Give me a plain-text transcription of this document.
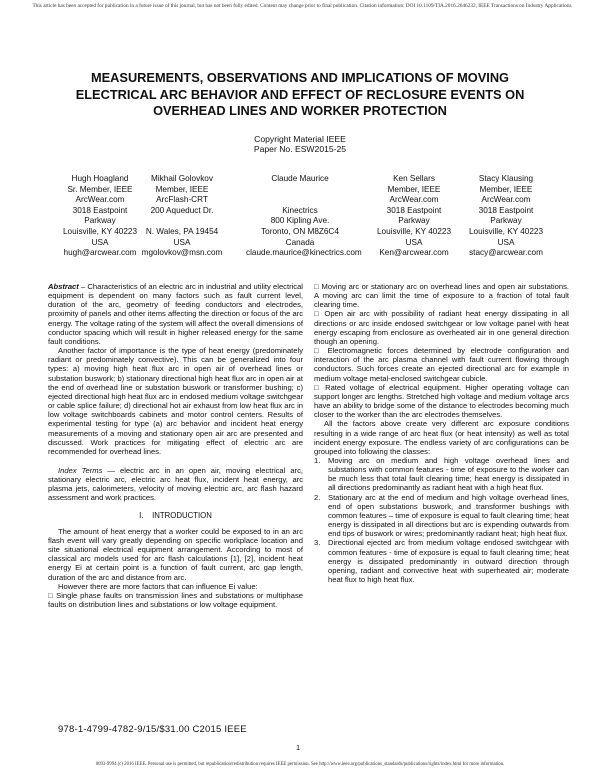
This article has been accepted for publication in a future issue of this journal, but has not been fully edited. Content may change prior to final publication. Citation information: DOI 10.1109/TIA.2016.2646232, IEEE Transactions on Industry Applications
MEASUREMENTS, OBSERVATIONS AND IMPLICATIONS OF MOVING ELECTRICAL ARC BEHAVIOR AND EFFECT OF RECLOSURE EVENTS ON OVERHEAD LINES AND WORKER PROTECTION
Copyright Material IEEE
Paper No. ESW2015-25
Hugh Hoagland
Sr. Member, IEEE
ArcWear.com
3018 Eastpoint
Parkway
Louisville, KY 40223
USA
hugh@arcwear.com
Mikhail Golovkov
Member, IEEE
ArcFlash-CRT
200 Aqueduct Dr.
N. Wales, PA 19454
USA
mgolovkov@msn.com
Claude Maurice
Kinectrics
800 Kipling Ave.
Toronto, ON M8Z6C4
Canada
claude.maurice@kinectrics.com
Ken Sellars
Member, IEEE
ArcWear.com
3018 Eastpoint
Parkway
Louisville, KY 40223
USA
Ken@arcwear.com
Stacy Klausing
Member, IEEE
ArcWear.com
3018 Eastpoint
Parkway
Louisville, KY 40223
USA
stacy@arcwear.com

Abstract – Characteristics of an electric arc in industrial and utility electrical equipment is dependent on many factors such as fault current level, duration of the arc, geometry of feeding conductors and electrodes, proximity of panels and other items affecting the direction or focus of the arc energy. The voltage rating of the system will affect the overall dimensions of conductor spacing which will result in higher released energy for the same fault conditions.

Another factor of importance is the type of heat energy (predominately radiant or predominately convective). This can be generalized into four types: a) moving high heat flux arc in open air of overhead lines or substation buswork; b) stationary directional high heat flux arc in open air at the end of overhead line or substation buswork or transformer bushing; c) ejected directional high heat flux arc in endosed medium voltage switchgear or cable splice failure; d) directional hot air exhaust from low heat flux arc in low voltage switchboards cabinets and motor control centers. Results of experimental testing for type (a) arc behavior and incident heat energy measurements of a moving and stationary open air arc are presented and discussed. Work practices for mitigating effect of electric arc are recommended for overhead lines.

Index Terms — electric arc in an open air, moving electrical arc, stationary electric arc, electric arc heat flux, incident heat energy, arc plasma jets, calorimeters, velocity of moving electric arc, arc flash hazard assessment and work practices.

I.    INTRODUCTION

The amount of heat energy that a worker could be exposed to in an arc flash event will vary greatly depending on specific workplace location and site situational electrical equipment arrangement. According to most of classical arc models used for arc flash calculations [1], [2], incident heat energy Ei at certain point is a function of fault current, arc gap length, duration of the arc and distance from arc.

However there are more factors that can influence Ei value:

□ Single phase faults on transmission lines and substations or multiphase faults on distribution lines and substations or low voltage equipment.

□ Moving arc or stationary arc on overhead lines and open air substations. A moving arc can limit the time of exposure to a fraction of total fault clearing time.

□ Open air arc with possibility of radiant heat energy dissipating in all directions or arc inside endosed switchgear or low voltage panel with heat energy escaping from enclosure as overheated air in one general direction though an opening.

□ Electromagnetic forces determined by electrode configuration and interaction of the arc plasma channel with fault current flowing through conductors. Such forces create an ejected directional arc for example in medium voltage metal-enclosed switchgear cubicle.

□ Rated voltage of electrical equipment. Higher operating voltage can support longer arc lengths. Stretched high voltage and medium voltage arcs have an ability to bridge some of the distance to electrodes becoming much closer to the worker than the arc electrodes themselves.

All the factors above create very different arc exposure conditions resulting in a wide range of arc heat flux (or heat intensity) as well as total incident energy exposure. The endless variety of arc configurations can be grouped into following the classes:

1. Moving arc on medium and high voltage overhead lines and substations with common features - time of exposure to the worker can be much less that total fault clearing time; heat energy is dissipated in all directions predominantly as radiant heat with a high heat flux.
2. Stationary arc at the end of medium and high voltage overhead lines, end of open substations buswork, and transformer bushings with common features – time of exposure is equal to fault clearing time; heat energy is dissipated in all directions but arc is expending outwards from end tips of buswork or wires; predominantly radiant heat; high heat flux.
3. Directional ejected arc from medium voltage endosed switchgear with common features - time of exposure is equal to fault clearing time; heat energy is dissipated predominantly in outward direction through opening, radiant and convective heat with superheated air; moderate heat flux to high heat flux.
978-1-4799-4782-9/15/$31.00 C2015 IEEE
1
0093-9994 (c) 2016 IEEE. Personal use is permitted, but republication/redistribution requires IEEE permission. See http://www.ieee.org/publications_standards/publications/rights/index.html for more information.
